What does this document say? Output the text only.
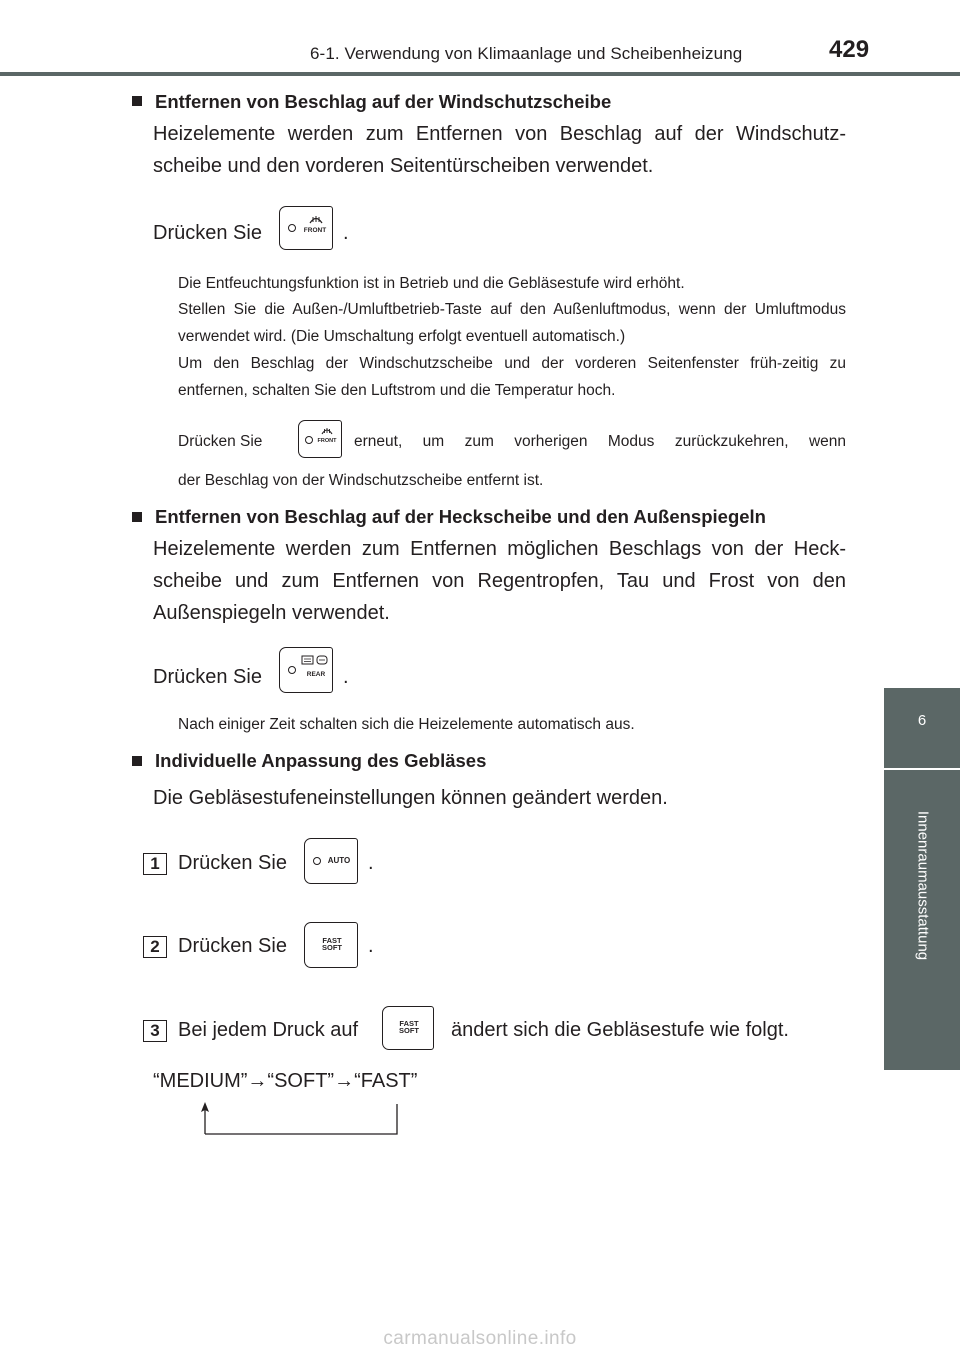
6-1. Verwendung von Klimaanlage und Scheibenheizung	429
6
Innenraumausstattung
Entfernen von Beschlag auf der Windschutzscheibe
Heizelemente werden zum Entfernen von Beschlag auf der Windschutz-scheibe und den vorderen Seitentürscheiben verwendet.
Drücken Sie	FRONT .
Die Entfeuchtungsfunktion ist in Betrieb und die Gebläsestufe wird erhöht.
Stellen Sie die Außen-/Umluftbetrieb-Taste auf den Außenluftmodus, wenn der Umluftmodus verwendet wird. (Die Umschaltung erfolgt eventuell automatisch.)
Um den Beschlag der Windschutzscheibe und der vorderen Seitenfenster früh-zeitig zu entfernen, schalten Sie den Luftstrom und die Temperatur hoch.
Drücken Sie	FRONT erneut, um zum vorherigen Modus zurückzukehren, wenn
der Beschlag von der Windschutzscheibe entfernt ist.
Entfernen von Beschlag auf der Heckscheibe und den Außenspiegeln
Heizelemente werden zum Entfernen möglichen Beschlags von der Heck-scheibe und zum Entfernen von Regentropfen, Tau und Frost von den Außenspiegeln verwendet.
Drücken Sie	REAR .
Nach einiger Zeit schalten sich die Heizelemente automatisch aus.
Individuelle Anpassung des Gebläses
Die Gebläsestufeneinstellungen können geändert werden.
1 Drücken Sie	AUTO .
2 Drücken Sie	FAST
SOFT .
3 Bei jedem Druck auf	FAST
SOFT ändert sich die Gebläsestufe wie folgt.
“MEDIUM”→“SOFT”→“FAST”
carmanualsonline.info
